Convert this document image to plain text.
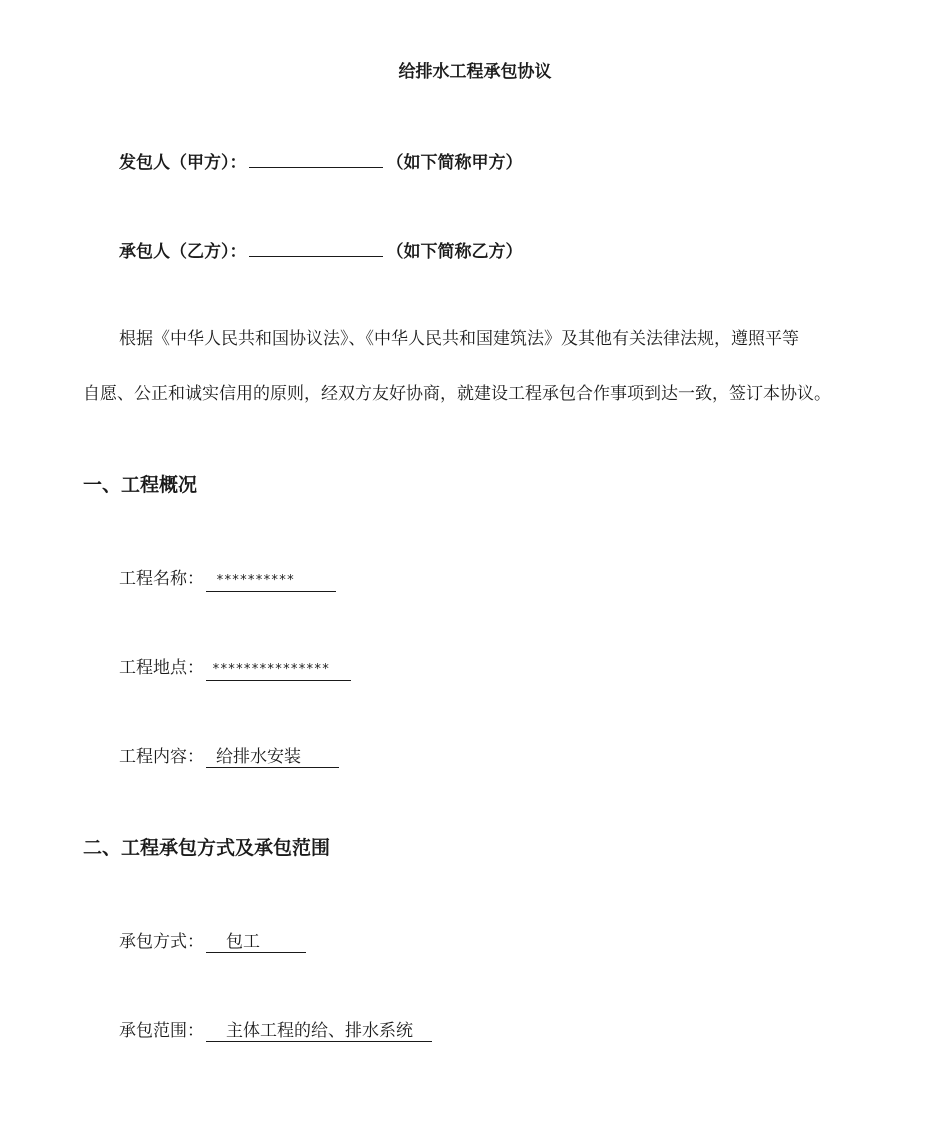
给排水工程承包协议
发包人（甲方）：	（如下简称甲方）
承包人（乙方）：	（如下简称乙方）
根据《中华人民共和国协议法》、《中华人民共和国建筑法》及其他有关法律法规，遵照平等
自愿、公正和诚实信用的原则，经双方友好协商，就建设工程承包合作事项到达一致，签订本协议。
一、工程概况
工程名称： **********
工程地点： ***************
工程内容： 给排水安装
二、工程承包方式及承包范围
承包方式： 包工
承包范围： 主体工程的给、排水系统
